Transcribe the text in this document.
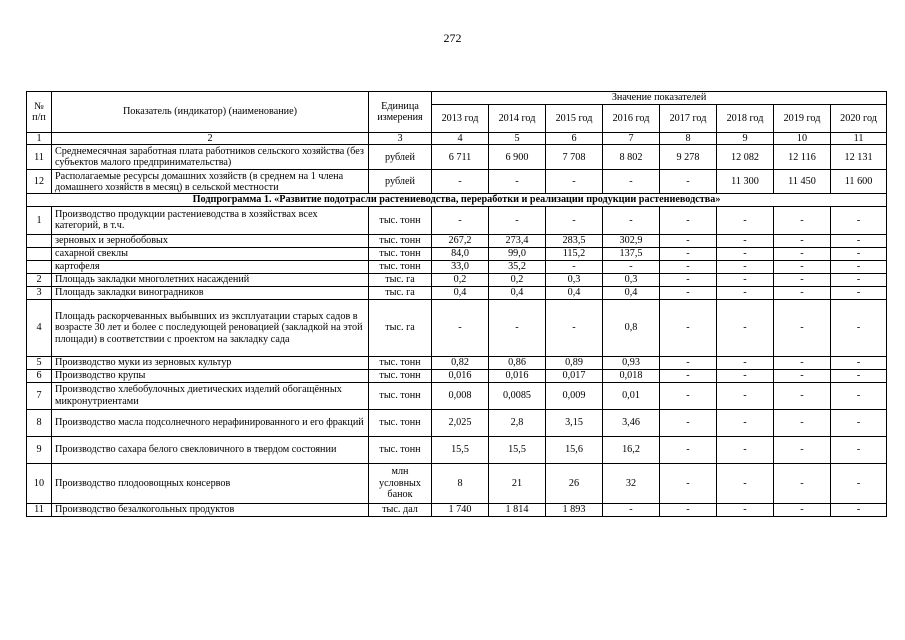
272
№ п/п	Показатель (индикатор) (наименование)	Единица измерения	Значение показателей							
			2013 год	2014 год	2015 год	2016 год	2017 год	2018 год	2019 год	2020 год
1	2	3	4	5	6	7	8	9	10	11
11	Среднемесячная заработная плата работников сельского хозяйства (без субъектов малого предпринимательства)	рублей	6 711	6 900	7 708	8 802	9 278	12 082	12 116	12 131
12	Располагаемые ресурсы домашних хозяйств (в среднем на 1 члена домашнего хозяйств в месяц) в сельской местности	рублей	-	-	-	-	-	11 300	11 450	11 600
Подпрограмма 1. «Развитие подотрасли растениеводства, переработки и реализации продукции растениеводства»										
1	Производство продукции растениеводства в хозяйствах всех категорий, в т.ч.	тыс. тонн	-	-	-	-	-	-	-	-
	зерновых и зернобобовых	тыс. тонн	267,2	273,4	283,5	302,9	-	-	-	-
	сахарной свеклы	тыс. тонн	84,0	99,0	115,2	137,5	-	-	-	-
	картофеля	тыс. тонн	33,0	35,2	-	-	-	-	-	-
2	Площадь закладки многолетних насаждений	тыс. га	0,2	0,2	0,3	0,3	-	-	-	-
3	Площадь закладки виноградников	тыс. га	0,4	0,4	0,4	0,4	-	-	-	-
4	Площадь раскорчеванных выбывших из эксплуатации старых садов в возрасте 30 лет и более с последующей реновацией (закладкой на этой площади) в соответствии с проектом на закладку сада	тыс. га	-	-	-	0,8	-	-	-	-
5	Производство муки из зерновых культур	тыс. тонн	0,82	0,86	0,89	0,93	-	-	-	-
6	Производство крупы	тыс. тонн	0,016	0,016	0,017	0,018	-	-	-	-
7	Производство хлебобулочных диетических изделий обогащённых микронутриентами	тыс. тонн	0,008	0,0085	0,009	0,01	-	-	-	-
8	Производство масла подсолнечного нерафинированного и его фракций	тыс. тонн	2,025	2,8	3,15	3,46	-	-	-	-
9	Производство сахара белого свекловичного в твердом состоянии	тыс. тонн	15,5	15,5	15,6	16,2	-	-	-	-
10	Производство плодоовощных консервов	млн условных банок	8	21	26	32	-	-	-	-
11	Производство безалкогольных продуктов	тыс. дал	1 740	1 814	1 893	-	-	-	-	-
